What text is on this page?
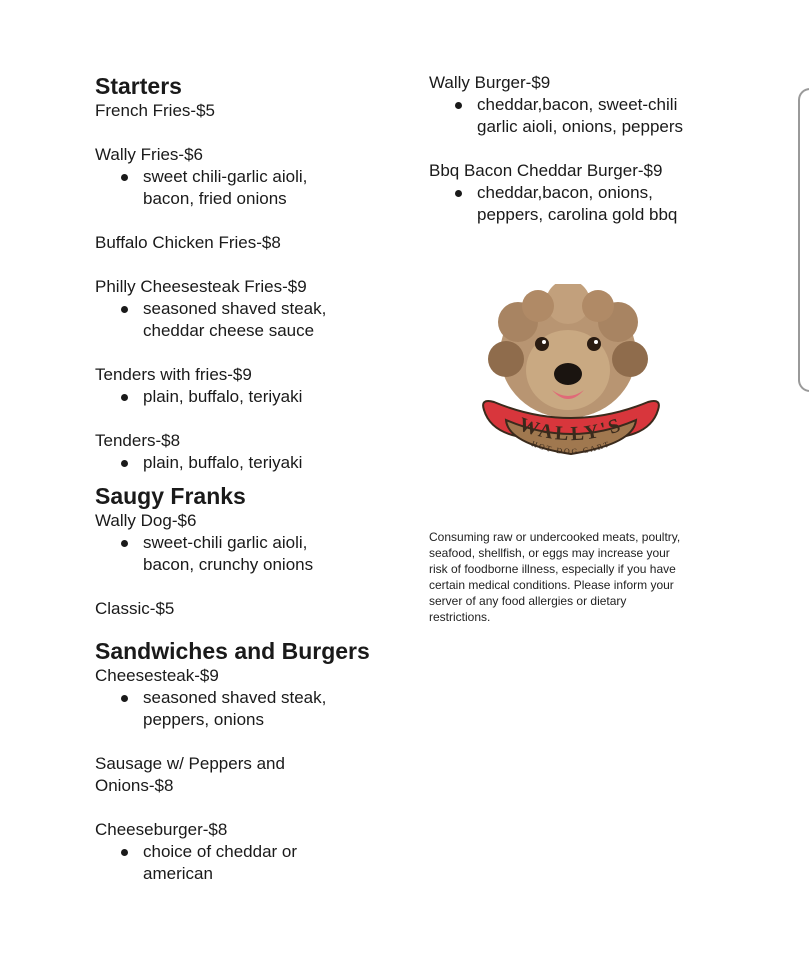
Starters

French Fries-$5

Wally Fries-$6

sweet chili-garlic aioli,
bacon, fried onions

Buffalo Chicken Fries-$8

Philly Cheesesteak Fries-$9

seasoned shaved steak,
cheddar cheese sauce

Tenders with fries-$9

plain, buffalo, teriyaki

Tenders-$8

plain, buffalo, teriyaki
Saugy Franks

Wally Dog-$6

sweet-chili garlic aioli,
bacon, crunchy onions

Classic-$5

Sandwiches and Burgers

Cheesesteak-$9

seasoned shaved steak,
peppers, onions

Sausage w/ Peppers and
Onions-$8

Cheeseburger-$8

choice of cheddar or
american

Wally Burger-$9

cheddar,bacon, sweet-chili
garlic aioli, onions, peppers

Bbq Bacon Cheddar Burger-$9

cheddar,bacon, onions,
peppers, carolina gold bbq
WALLY'S
HOT DOG CART
Consuming raw or undercooked meats, poultry,
seafood, shellfish, or eggs may increase your
risk of foodborne illness, especially if you have
certain medical conditions. Please inform your
server of any food allergies or dietary
restrictions.
